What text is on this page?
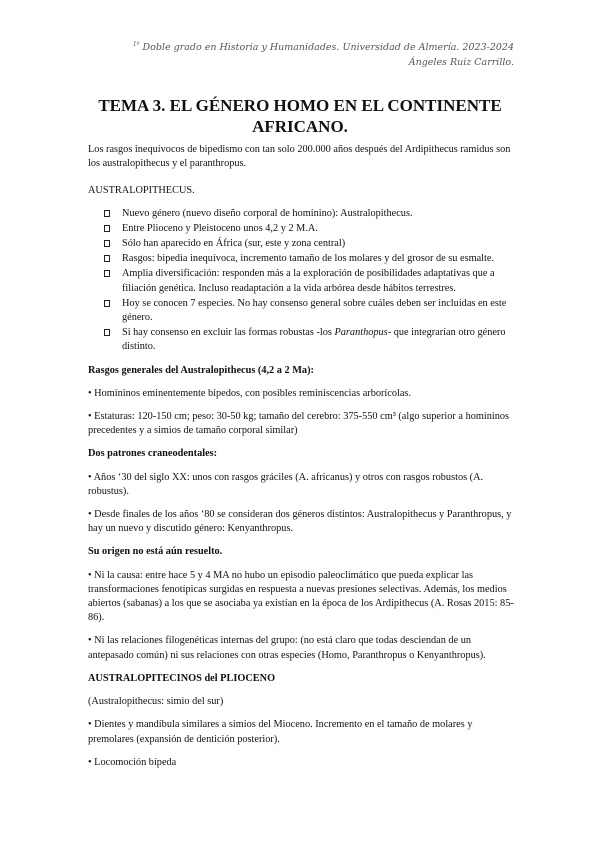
$^{1º}$ Doble grado en Historia y Humanidades. Universidad de Almería. 2023-2024
Ángeles Ruiz Carrillo.
TEMA 3. EL GÉNERO HOMO EN EL CONTINENTE AFRICANO.

Los rasgos inequívocos de bipedismo con tan solo 200.000 años después del Ardipithecus ramidus son los australopithecus y el paranthropus.

AUSTRALOPITHECUS.

Nuevo género (nuevo diseño corporal de homínino): Australopithecus.
Entre Plioceno y Pleistoceno unos 4,2 y 2 M.A.
Sólo han aparecido en África (sur, este y zona central)
Rasgos: bipedia inequívoca, incremento tamaño de los molares y del grosor de su esmalte.
Amplia diversificación: responden más a la exploración de posibilidades adaptativas que a filiación genética. Incluso readaptación a la vida arbórea desde hábitos terrestres.
Hoy se conocen 7 especies. No hay consenso general sobre cuáles deben ser incluidas en este género.
Si hay consenso en excluir las formas robustas -los Paranthopus- que integrarían otro género distinto.

Rasgos generales del Australopithecus (4,2 a 2 Ma):

• Homíninos eminentemente bípedos, con posibles reminiscencias arborícolas.

• Estaturas: 120-150 cm; peso: 30-50 kg; tamaño del cerebro: 375-550 cm³ (algo superior a homíninos precedentes y a simios de tamaño corporal similar)

Dos patrones craneodentales:

• Años ‘30 del siglo XX: unos con rasgos gráciles (A. africanus) y otros con rasgos robustos (A. robustus).

• Desde finales de los años ‘80 se consideran dos géneros distintos: Australopithecus y Paranthropus, y hay un nuevo y discutido género: Kenyanthropus.

Su origen no está aún resuelto.

• Ni la causa: entre hace 5 y 4 MA no hubo un episodio paleoclimático que pueda explicar las transformaciones fenotípicas surgidas en respuesta a nuevas presiones selectivas. Además, los medios abiertos (sabanas) a los que se asociaba ya existían en la época de los Ardipithecus (A. Rosas 2015: 85-86).

• Ni las relaciones filogenéticas internas del grupo: (no está claro que todas desciendan de un antepasado común) ni sus relaciones con otras especies (Homo, Paranthropus o Kenyanthropus).

AUSTRALOPITECINOS del PLIOCENO

(Australopithecus: simio del sur)

• Dientes y mandíbula similares a simios del Mioceno. Incremento en el tamaño de molares y premolares (expansión de dentición posterior).

• Locomoción bípeda
